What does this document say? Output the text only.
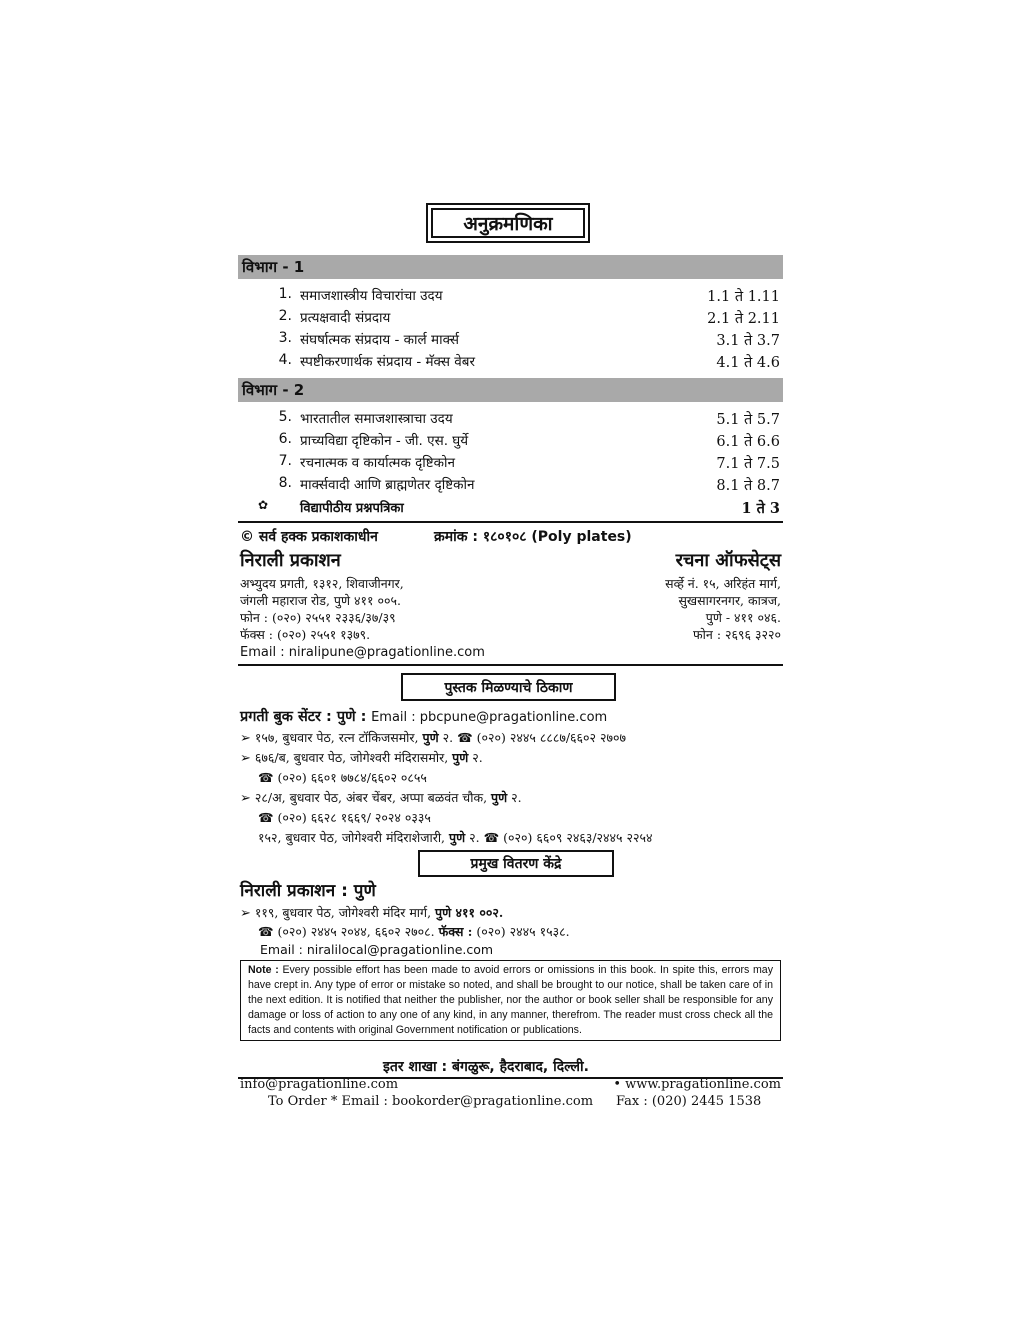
अनुक्रमणिका
विभाग - 1
1. समाजशास्त्रीय विचारांचा उदय	1.1 ते 1.11
2. प्रत्यक्षवादी संप्रदाय	2.1 ते 2.11
3. संघर्षात्मक संप्रदाय - कार्ल मार्क्स	3.1 ते 3.7
4. स्पष्टीकरणार्थक संप्रदाय - मॅक्स वेबर	4.1 ते 4.6
विभाग - 2
5. भारतातील समाजशास्त्राचा उदय	5.1 ते 5.7
6. प्राच्यविद्या दृष्टिकोन - जी. एस. घुर्ये	6.1 ते 6.6
7. रचनात्मक व कार्यात्मक दृष्टिकोन	7.1 ते 7.5
8. मार्क्सवादी आणि ब्राह्मणेतर दृष्टिकोन	8.1 ते 8.7
✿ विद्यापीठीय प्रश्नपत्रिका	1 ते 3
© सर्व हक्क प्रकाशकाधीन	क्रमांक : १८०१०८ (Poly plates)
निराली प्रकाशन	रचना ऑफसेट्स
अभ्युदय प्रगती, १३१२, शिवाजीनगर,
जंगली महाराज रोड, पुणे ४११ ००५.
फोन : (०२०) २५५१ २३३६/३७/३९
फॅक्स : (०२०) २५५१ १३७९.
Email : niralipune@pragationline.com
सर्व्हे नं. १५, अरिहंत मार्ग,
सुखसागरनगर, कात्रज,
पुणे - ४११ ०४६.
फोन : २६९६ ३२२०
पुस्तक मिळण्याचे ठिकाण
प्रगती बुक सेंटर : पुणे : Email : pbcpune@pragationline.com
➢ १५७, बुधवार पेठ, रत्न टॉकिजसमोर, पुणे २. ☎ (०२०) २४४५ ८८८७/६६०२ २७०७
➢ ६७६/ब, बुधवार पेठ, जोगेश्वरी मंदिरासमोर, पुणे २.
☎ (०२०) ६६०१ ७७८४/६६०२ ०८५५
➢ २८/अ, बुधवार पेठ, अंबर चेंबर, अप्पा बळवंत चौक, पुणे २.
☎ (०२०) ६६२८ १६६९/ २०२४ ०३३५
१५२, बुधवार पेठ, जोगेश्वरी मंदिराशेजारी, पुणे २. ☎ (०२०) ६६०९ २४६३/२४४५ २२५४
प्रमुख वितरण केंद्रे
निराली प्रकाशन : पुणे
➢ ११९, बुधवार पेठ, जोगेश्वरी मंदिर मार्ग, पुणे ४११ ००२.
☎ (०२०) २४४५ २०४४, ६६०२ २७०८. फॅक्स : (०२०) २४४५ १५३८.
Email : nirali​local@pragationline.com
Note : Every possible effort has been made to avoid errors or omissions in this book. In spite this, errors may have crept in. Any type of error or mistake so noted, and shall be brought to our notice, shall be taken care of in the next edition. It is notified that neither the publisher, nor the author or book seller shall be responsible for any damage or loss of action to any one of any kind, in any manner, therefrom. The reader must cross check all the facts and contents with original Government notification or publications.
इतर शाखा : बंगळुरू, हैदराबाद, दिल्ली.
info@pragationline.com	• www.pragationline.com
To Order * Email : bookorder@pragationline.com Fax : (020) 2445 1538
